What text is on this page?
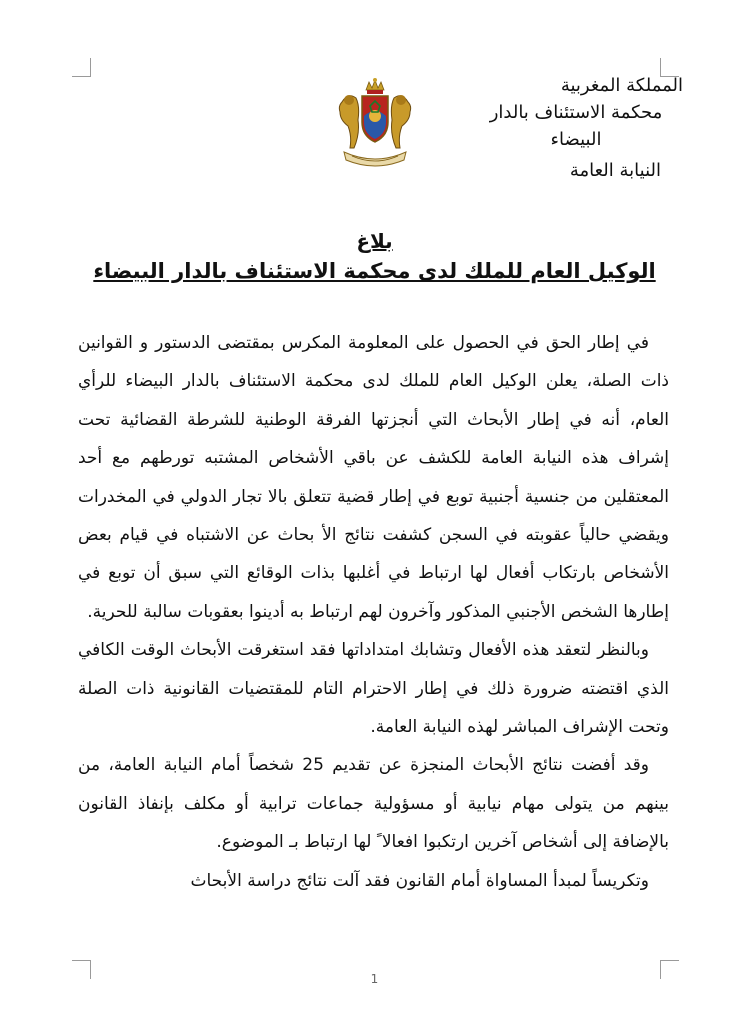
المملكة المغربية
محكمة الاستئناف بالدار
البيضاء
النيابة العامة
بلاغ
الوكيل العام للملك لدى محكمة الاستئناف بالدار البيضاء

في إطار الحق في الحصول على المعلومة المكرس بمقتضى الدستور و القوانين ذات الصلة، يعلن الوكيل العام للملك لدى محكمة الاستئناف بالدار البيضاء للرأي العام، أنه في إطار الأبحاث التي أنجزتها الفرقة الوطنية للشرطة القضائية تحت إشراف هذه النيابة العامة للكشف عن باقي الأشخاص المشتبه تورطهم مع أحد المعتقلين من جنسية أجنبية توبع في إطار قضية تتعلق بالا تجار الدولي في المخدرات ويقضي حالياً عقوبته في السجن كشفت نتائج الأ بحاث عن الاشتباه في قيام بعض الأشخاص بارتكاب أفعال لها ارتباط في أغلبها بذات الوقائع التي سبق أن توبع في إطارها الشخص الأجنبي المذكور وآخرون لهم ارتباط به أدينوا بعقوبات سالبة للحرية.

وبالنظر لتعقد هذه الأفعال وتشابك امتداداتها فقد استغرقت الأبحاث الوقت الكافي الذي اقتضته ضرورة ذلك في إطار الاحترام التام للمقتضيات القانونية ذات الصلة وتحت الإشراف المباشر لهذه النيابة العامة.

وقد أفضت نتائج الأبحاث المنجزة عن تقديم 25 شخصاً أمام النيابة العامة، من بينهم من يتولى مهام نيابية أو مسؤولية جماعات ترابية أو مكلف بإنفاذ القانون بالإضافة إلى أشخاص آخرين ارتكبوا افعالا ً لها ارتباط بـ الموضوع.

وتكريساً لمبدأ المساواة أمام القانون فقد آلت نتائج دراسة الأبحاث

1
